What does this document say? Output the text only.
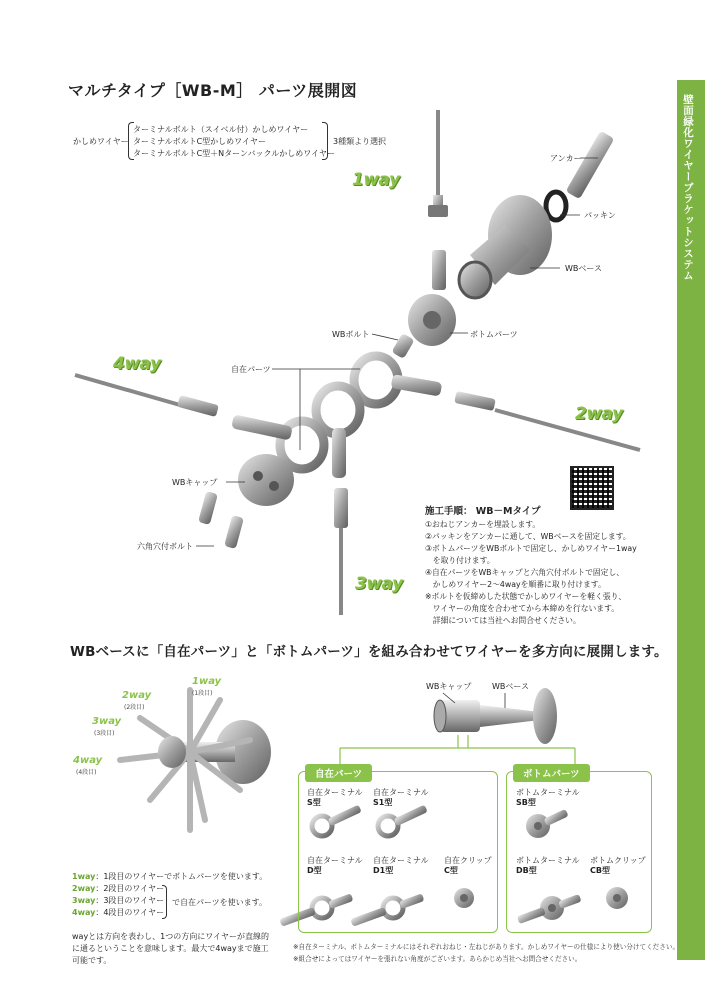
壁面緑化ワイヤーブラケットシステム
マルチタイプ［WB-M］ パーツ展開図
かしめワイヤー
ターミナルボルト（スイベル付）かしめワイヤー
ターミナルボルトC型かしめワイヤー
ターミナルボルトC型＋Nターンバックルかしめワイヤー
3種類より選択
1way
4way
2way
3way
アンカー
パッキン
WBベース
WBボルト	ボトムパーツ
自在パーツ
WBキャップ
六角穴付ボルト
施工手順： WB－Mタイプ
①おねじアンカーを埋設します。
②パッキンをアンカーに通して、WBベースを固定します。
③ボトムパーツをWBボルトで固定し、かしめワイヤー1way
　を取り付けます。
④自在パーツをWBキャップと六角穴付ボルトで固定し、
　かしめワイヤー2～4wayを順番に取り付けます。
※ボルトを仮締めした状態でかしめワイヤーを軽く張り、
　ワイヤーの角度を合わせてから本締めを行ないます。
　詳細については当社へお問合せください。
WBベースに「自在パーツ」と「ボトムパーツ」を組み合わせてワイヤーを多方向に展開します。
1way
(1段目)
2way
(2段目)
3way
(3段目)
4way
(4段目)
1way：1段目のワイヤーでボトムパーツを使います。
2way：2段目のワイヤー
3way：3段目のワイヤー
4way：4段目のワイヤー
で自在パーツを使います。
wayとは方向を表わし、1つの方向にワイヤーが直線的に通るということを意味します。最大で4wayまで施工可能です。
WBキャップ	WBベース
自在パーツ
自在ターミナル
S型
自在ターミナル
S1型
自在ターミナル
D型
自在ターミナル
D1型
自在クリップ
C型
ボトムパーツ
ボトムターミナル
SB型
ボトムターミナル
DB型
ボトムクリップ
CB型
※自在ターミナル、ボトムターミナルにはそれぞれおねじ・左ねじがあります。かしめワイヤーの仕様により使い分けてください。
※組合せによってはワイヤーを張れない角度がございます。あらかじめ当社へお問合せください。
